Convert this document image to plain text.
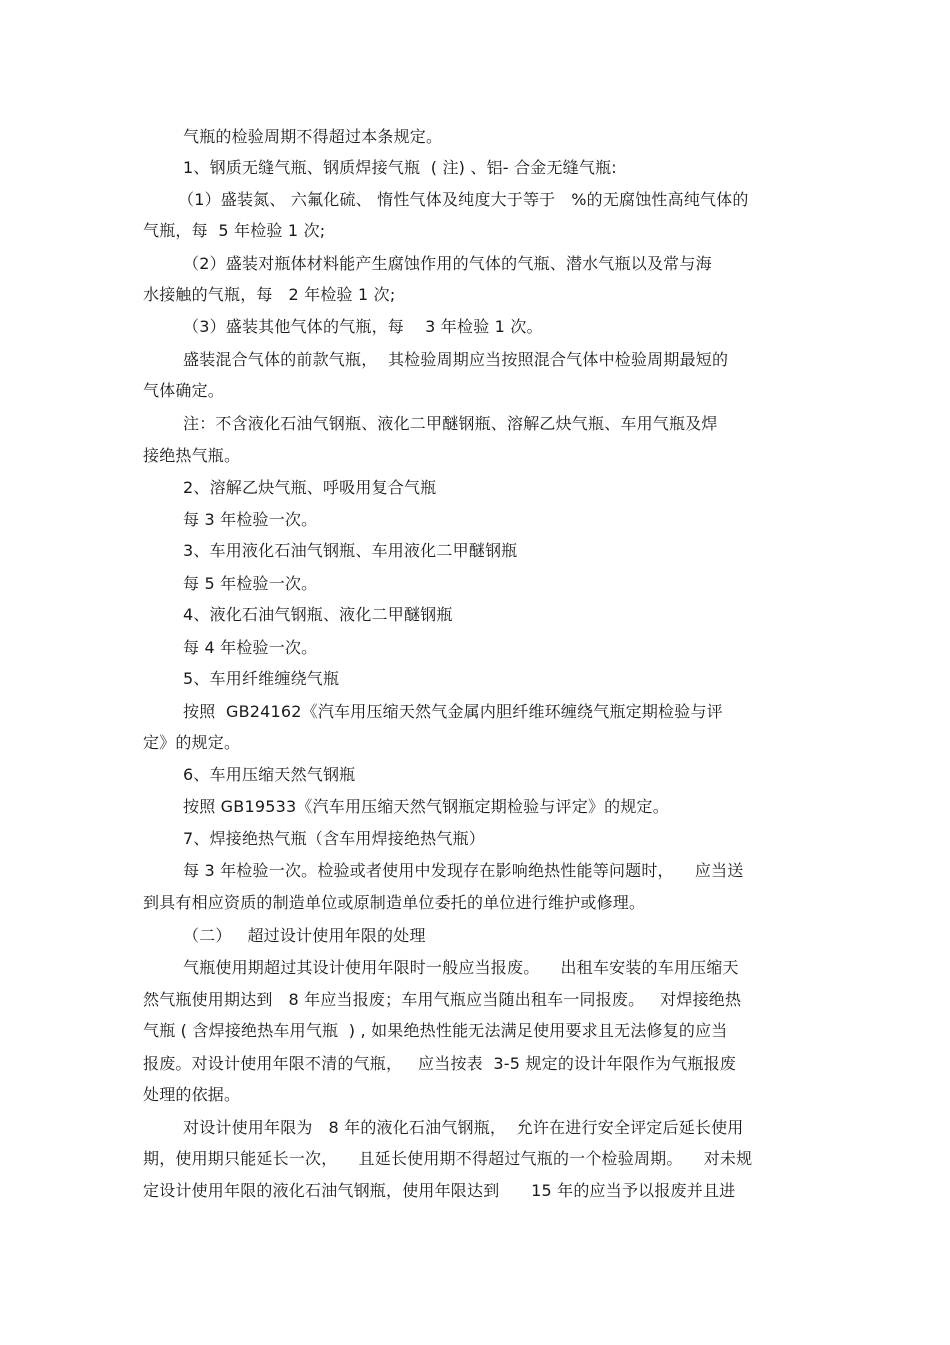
气瓶的检验周期不得超过本条规定。
1、钢质无缝气瓶、钢质焊接气瓶  ( 注) 、铝- 合金无缝气瓶:
（1）盛装氮、 六氟化硫、 惰性气体及纯度大于等于   %的无腐蚀性高纯气体的
气瓶，每  5 年检验 1 次;
（2）盛装对瓶体材料能产生腐蚀作用的气体的气瓶、潜水气瓶以及常与海
水接触的气瓶，每   2 年检验 1 次;
（3）盛装其他气体的气瓶，每    3 年检验 1 次。
盛装混合气体的前款气瓶，  其检验周期应当按照混合气体中检验周期最短的
气体确定。
注：不含液化石油气钢瓶、液化二甲醚钢瓶、溶解乙炔气瓶、车用气瓶及焊
接绝热气瓶。
2、溶解乙炔气瓶、呼吸用复合气瓶
每 3 年检验一次。
3、车用液化石油气钢瓶、车用液化二甲醚钢瓶
每 5 年检验一次。
4、液化石油气钢瓶、液化二甲醚钢瓶
每 4 年检验一次。
5、车用纤维缠绕气瓶
按照  GB24162《汽车用压缩天然气金属内胆纤维环缠绕气瓶定期检验与评
定》的规定。
6、车用压缩天然气钢瓶
按照 GB19533《汽车用压缩天然气钢瓶定期检验与评定》的规定。
7、焊接绝热气瓶（含车用焊接绝热气瓶）
每 3 年检验一次。检验或者使用中发现存在影响绝热性能等问题时，    应当送
到具有相应资质的制造单位或原制造单位委托的单位进行维护或修理。
（二）   超过设计使用年限的处理
气瓶使用期超过其设计使用年限时一般应当报废。    出租车安装的车用压缩天
然气瓶使用期达到   8 年应当报废；车用气瓶应当随出租车一同报废。   对焊接绝热
气瓶 ( 含焊接绝热车用气瓶  ) , 如果绝热性能无法满足使用要求且无法修复的应当
报废。对设计使用年限不清的气瓶，   应当按表  3-5 规定的设计年限作为气瓶报废
处理的依据。
对设计使用年限为   8 年的液化石油气钢瓶，  允许在进行安全评定后延长使用
期，使用期只能延长一次，    且延长使用期不得超过气瓶的一个检验周期。    对未规
定设计使用年限的液化石油气钢瓶，使用年限达到      15 年的应当予以报废并且进
